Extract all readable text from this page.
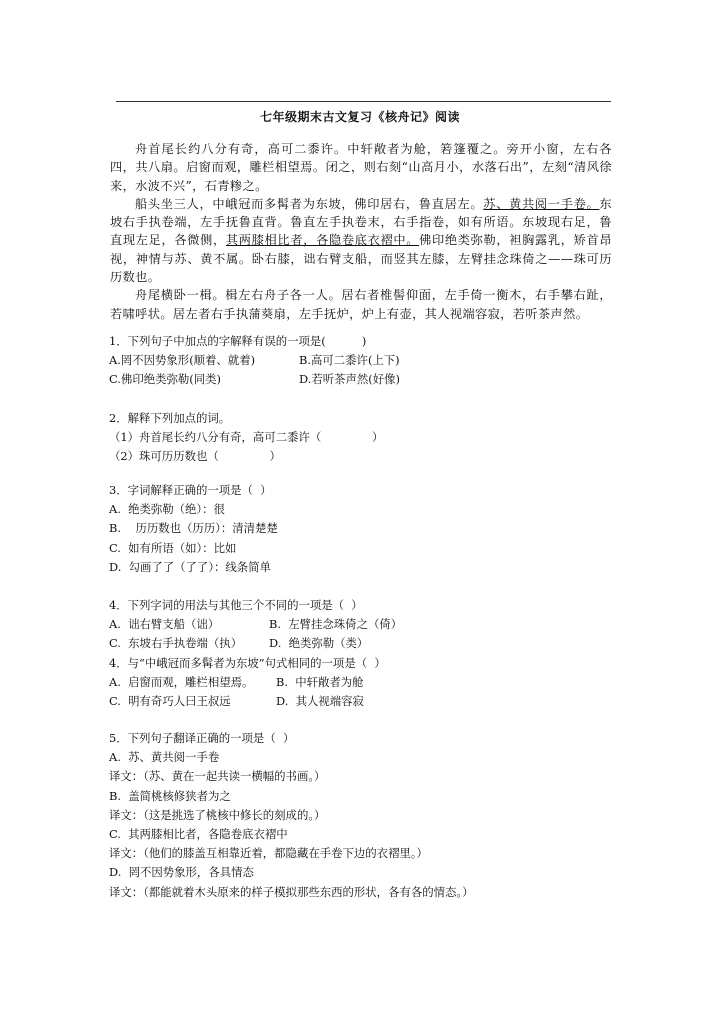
七年级期末古文复习《核舟记》阅读

舟首尾长约八分有奇，高可二黍许。中轩敞者为舱，箬篷覆之。旁开小窗，左右各四，共八扇。启窗而观，雕栏相望焉。闭之，则右刻“山高月小，水落石出”，左刻“清风徐来，水波不兴”，石青糁之。

船头坐三人，中峨冠而多髯者为东坡，佛印居右，鲁直居左。苏、黄共阅一手卷。东坡右手执卷端，左手抚鲁直背。鲁直左手执卷末，右手指卷，如有所语。东坡现右足，鲁直现左足，各微侧，其两膝相比者，各隐卷底衣褶中。佛印绝类弥勒，袒胸露乳，矫首昂视，神情与苏、黄不属。卧右膝，诎右臂支船，而竖其左膝，左臂挂念珠倚之——珠可历历数也。

舟尾横卧一楫。楫左右舟子各一人。居右者椎髻仰面，左手倚一衡木，右手攀右趾，若啸呼状。居左者右手执蒲葵扇，左手抚炉，炉上有壶，其人视端容寂，若听茶声然。

1．下列句子中加点的字解释有误的一项是(          )
A.罔不因势象形(顺着、就着)	B.高可二黍许(上下)
C.佛印绝类弥勒(同类)	D.若听茶声然(好像)
2．解释下列加点的词。
（1）舟首尾长约八分有奇，高可二黍许（              ）
（2）珠可历历数也（              ）
3．字词解释正确的一项是（  ）
A.  绝类弥勒（绝）：很
B.    历历数也（历历）：清清楚楚
C.  如有所语（如）：比如
D.  勾画了了（了了）：线条简单
4．下列字词的用法与其他三个不同的一项是（  ）
A.  诎右臂支船（诎）	B.  左臂挂念珠倚之（倚）
C.  东坡右手执卷端（执）	D.  绝类弥勒（类）
4．与“中峨冠而多髯者为东坡”句式相同的一项是（  ）
A.  启窗而观，雕栏相望焉。	B.  中轩敞者为舱
C.  明有奇巧人曰王叔远	D.  其人视端容寂
5．下列句子翻译正确的一项是（  ）
A.  苏、黄共阅一手卷
译文：（苏、黄在一起共读一横幅的书画。）
B.  盖简桃核修狭者为之
译文：（这是挑选了桃核中修长的刻成的。）
C.  其两膝相比者，各隐卷底衣褶中
译文：（他们的膝盖互相靠近着，都隐藏在手卷下边的衣褶里。）
D.  罔不因势象形，各具情态
译文：（都能就着木头原来的样子模拟那些东西的形状，各有各的情态。）
